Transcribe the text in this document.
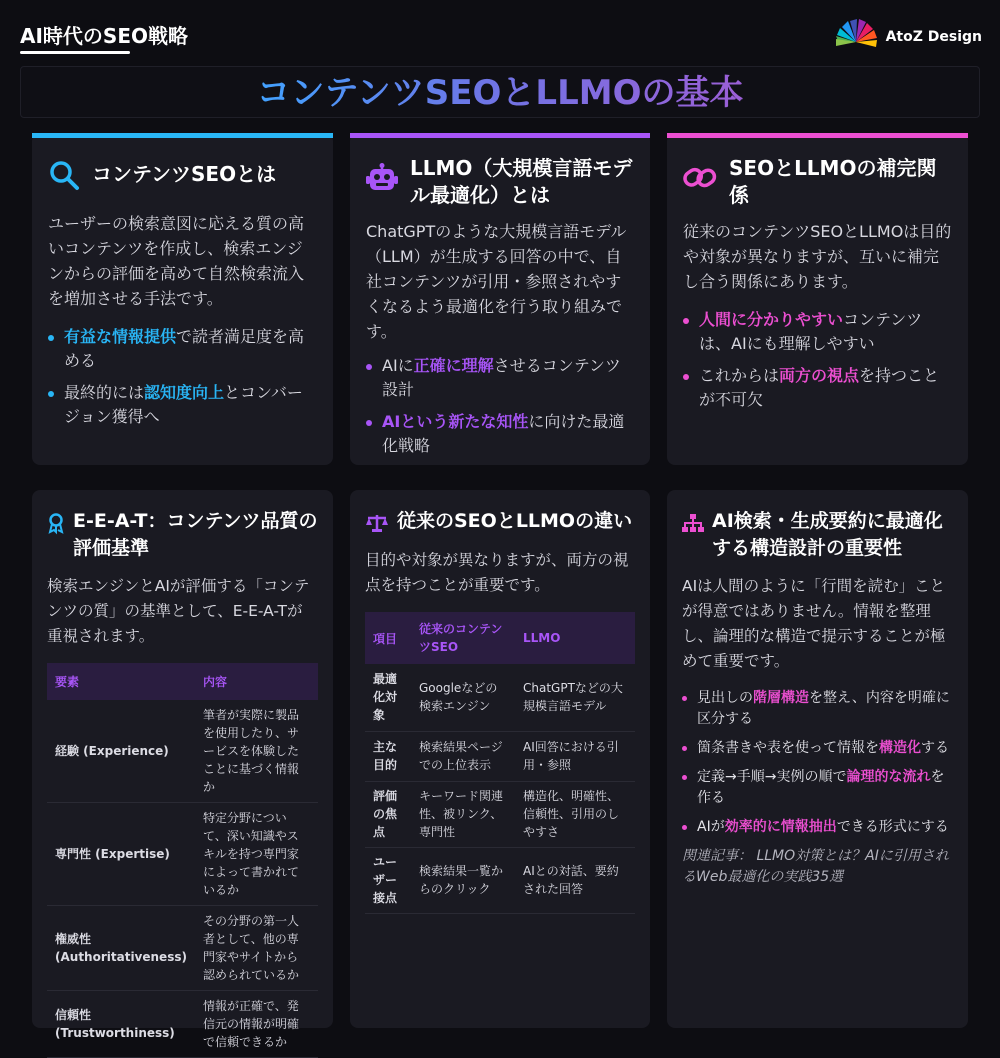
AI時代のSEO戦略	AtoZ Design
コンテンツSEOとLLMOの基本
コンテンツSEOとは
ユーザーの検索意図に応える質の高いコンテンツを作成し、検索エンジンからの評価を高めて自然検索流入を増加させる手法です。
有益な情報提供で読者満足度を高める
最終的には認知度向上とコンバージョン獲得へ
LLMO（大規模言語モデル最適化）とは
ChatGPTのような大規模言語モデル（LLM）が生成する回答の中で、自社コンテンツが引用・参照されやすくなるよう最適化を行う取り組みです。
AIに正確に理解させるコンテンツ設計
AIという新たな知性に向けた最適化戦略
SEOとLLMOの補完関係
従来のコンテンツSEOとLLMOは目的や対象が異なりますが、互いに補完し合う関係にあります。
人間に分かりやすいコンテンツは、AIにも理解しやすい
これからは両方の視点を持つことが不可欠
E-E-A-T：コンテンツ品質の評価基準
検索エンジンとAIが評価する「コンテンツの質」の基準として、E-E-A-Tが重視されます。
要素	内容
経験 (Experience)	筆者が実際に製品を使用したり、サービスを体験したことに基づく情報か
専門性 (Expertise)	特定分野について、深い知識やスキルを持つ専門家によって書かれているか
権威性 (Authoritativeness)	その分野の第一人者として、他の専門家やサイトから認められているか
信頼性 (Trustworthiness)	情報が正確で、発信元の情報が明確で信頼できるか
従来のSEOとLLMOの違い
目的や対象が異なりますが、両方の視点を持つことが重要です。
項目	従来のコンテンツSEO	LLMO
最適化対象	Googleなどの検索エンジン	ChatGPTなどの大規模言語モデル
主な目的	検索結果ページでの上位表示	AI回答における引用・参照
評価の焦点	キーワード関連性、被リンク、専門性	構造化、明確性、信頼性、引用のしやすさ
ユーザー接点	検索結果一覧からのクリック	AIとの対話、要約された回答
AI検索・生成要約に最適化する構造設計の重要性
AIは人間のように「行間を読む」ことが得意ではありません。情報を整理し、論理的な構造で提示することが極めて重要です。
見出しの階層構造を整え、内容を明確に区分する
箇条書きや表を使って情報を構造化する
定義→手順→実例の順で論理的な流れを作る
AIが効率的に情報抽出できる形式にする
関連記事： LLMO対策とは？AIに引用されるWeb最適化の実践35選
